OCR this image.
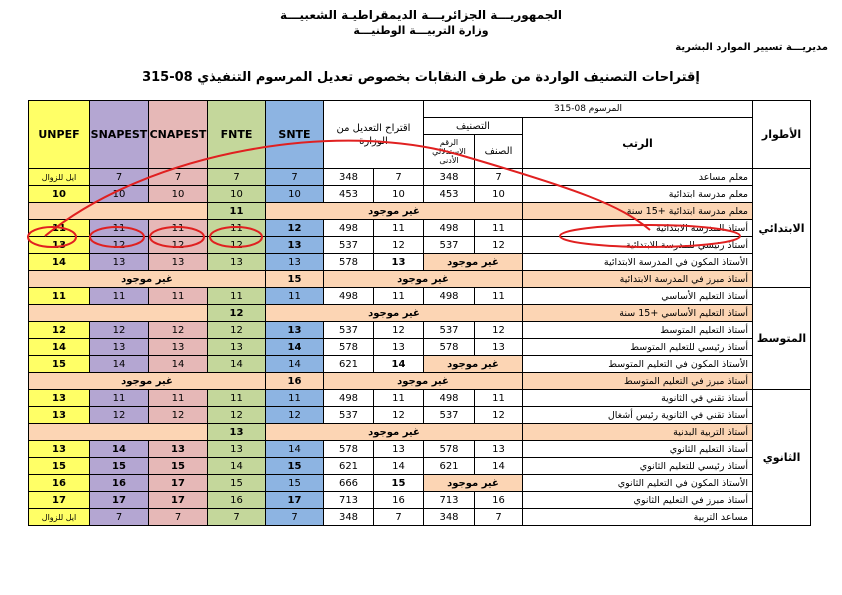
الجمهوريـــة الجزائريـــة الديمقراطيـة الشعبيـــة
وزارة التربيـــة الوطنيـــة
مديريـــة تسيير الموارد البشرية
إقتراحات التصنيف الواردة من طرف النقابات بخصوص تعديل المرسوم التنفيذي 08-315
UNPEF	SNAPEST	CNAPEST	FNTE	SNTE	اقتراح التعديل من الوزارة		المرسوم 08-315			الأطوار	
							التصنيف		الرتب		
							الرقم الاستدلالي الأدنى	الصنف			
ايل للزوال	7	7	7	7	348	7	348	7	معلم مساعد	الابتدائي	
10	10	10	10	10	453	10	453	10	معلم مدرسة ابتدائية		
			11	غير موجود					معلم مدرسة ابتدائية +15 سنة		
11	11	11	11	12	498	11	498	11	أستاذ المدرسة الابتدائية		
13	12	12	12	13	537	12	537	12	أستاذ رئيسي للمدرسة الابتدائية		
14	13	13	13	13	578	13	غير موجود		الأستاذ المكون في المدرسة الابتدائية		
غير موجود				15	غير موجود				أستاذ مبرز في المدرسة الابتدائية		
11	11	11	11	11	498	11	498	11	أستاذ التعليم الأساسي	المتوسط	
			12	غير موجود					أستاذ التعليم الأساسي +15 سنة		
12	12	12	12	13	537	12	537	12	أستاذ التعليم المتوسط		
14	13	13	13	14	578	13	578	13	أستاذ رئيسي للتعليم المتوسط		
15	14	14	14	14	621	14	غير موجود		الأستاذ المكون في التعليم المتوسط		
غير موجود				16	غير موجود				أستاذ مبرز في التعليم المتوسط		
13	11	11	11	11	498	11	498	11	أستاذ تقني في الثانوية	الثانوي	
13	12	12	12	12	537	12	537	12	أستاذ تقني في الثانوية رئيس أشغال		
			13	غير موجود					أستاذ التربية البدنية		
13	14	13	13	14	578	13	578	13	أستاذ التعليم الثانوي		
15	15	15	14	15	621	14	621	14	أستاذ رئيسي للتعليم الثانوي		
16	16	17	15	15	666	15	غير موجود		الأستاذ المكون في التعليم الثانوي		
17	17	17	16	17	713	16	713	16	أستاذ مبرز في التعليم الثانوي		
ايل للزوال	7	7	7	7	348	7	348	7	مساعد التربية		
